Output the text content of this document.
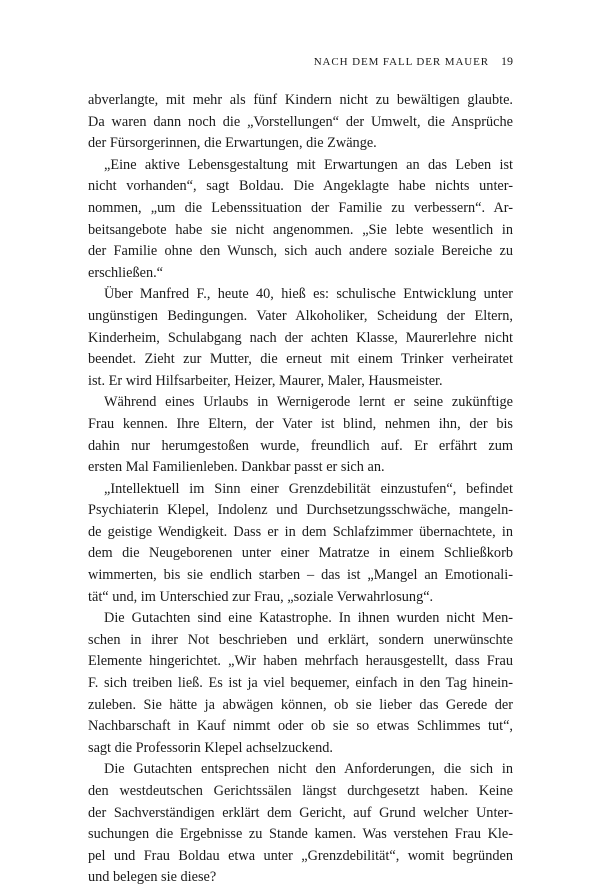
NACH DEM FALL DER MAUER 19
abverlangte, mit mehr als fünf Kindern nicht zu bewältigen glaubte.
Da waren dann noch die „Vorstellungen“ der Umwelt, die Ansprüche
der Fürsorgerinnen, die Erwartungen, die Zwänge.
„Eine aktive Lebensgestaltung mit Erwartungen an das Leben ist
nicht vorhanden“, sagt Boldau. Die Angeklagte habe nichts unter-
nommen, „um die Lebenssituation der Familie zu verbessern“. Ar-
beitsangebote habe sie nicht angenommen. „Sie lebte wesentlich in
der Familie ohne den Wunsch, sich auch andere soziale Bereiche zu
erschließen.“
Über Manfred F., heute 40, hieß es: schulische Entwicklung unter
ungünstigen Bedingungen. Vater Alkoholiker, Scheidung der Eltern,
Kinderheim, Schulabgang nach der achten Klasse, Maurerlehre nicht
beendet. Zieht zur Mutter, die erneut mit einem Trinker verheiratet
ist. Er wird Hilfsarbeiter, Heizer, Maurer, Maler, Hausmeister.
Während eines Urlaubs in Wernigerode lernt er seine zukünftige
Frau kennen. Ihre Eltern, der Vater ist blind, nehmen ihn, der bis
dahin nur herumgestoßen wurde, freundlich auf. Er erfährt zum
ersten Mal Familienleben. Dankbar passt er sich an.
„Intellektuell im Sinn einer Grenzdebilität einzustufen“, befindet
Psychiaterin Klepel, Indolenz und Durchsetzungsschwäche, mangeln-
de geistige Wendigkeit. Dass er in dem Schlafzimmer übernachtete, in
dem die Neugeborenen unter einer Matratze in einem Schließkorb
wimmerten, bis sie endlich starben – das ist „Mangel an Emotionali-
tät“ und, im Unterschied zur Frau, „soziale Verwahrlosung“.
Die Gutachten sind eine Katastrophe. In ihnen wurden nicht Men-
schen in ihrer Not beschrieben und erklärt, sondern unerwünschte
Elemente hingerichtet. „Wir haben mehrfach herausgestellt, dass Frau
F. sich treiben ließ. Es ist ja viel bequemer, einfach in den Tag hinein-
zuleben. Sie hätte ja abwägen können, ob sie lieber das Gerede der
Nachbarschaft in Kauf nimmt oder ob sie so etwas Schlimmes tut“,
sagt die Professorin Klepel achselzuckend.
Die Gutachten entsprechen nicht den Anforderungen, die sich in
den westdeutschen Gerichtssälen längst durchgesetzt haben. Keine
der Sachverständigen erklärt dem Gericht, auf Grund welcher Unter-
suchungen die Ergebnisse zu Stande kamen. Was verstehen Frau Kle-
pel und Frau Boldau etwa unter „Grenzdebilität“, womit begründen
und belegen sie diese?
